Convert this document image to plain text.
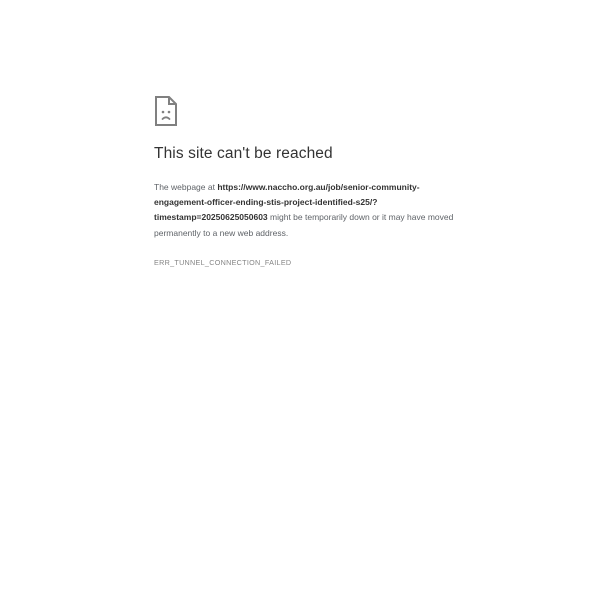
This site can't be reached

The webpage at https://www.naccho.org.au/job/senior-community-engagement-officer-ending-stis-project-identified-s25/?timestamp=20250625050603 might be temporarily down or it may have moved permanently to a new web address.

ERR_TUNNEL_CONNECTION_FAILED
